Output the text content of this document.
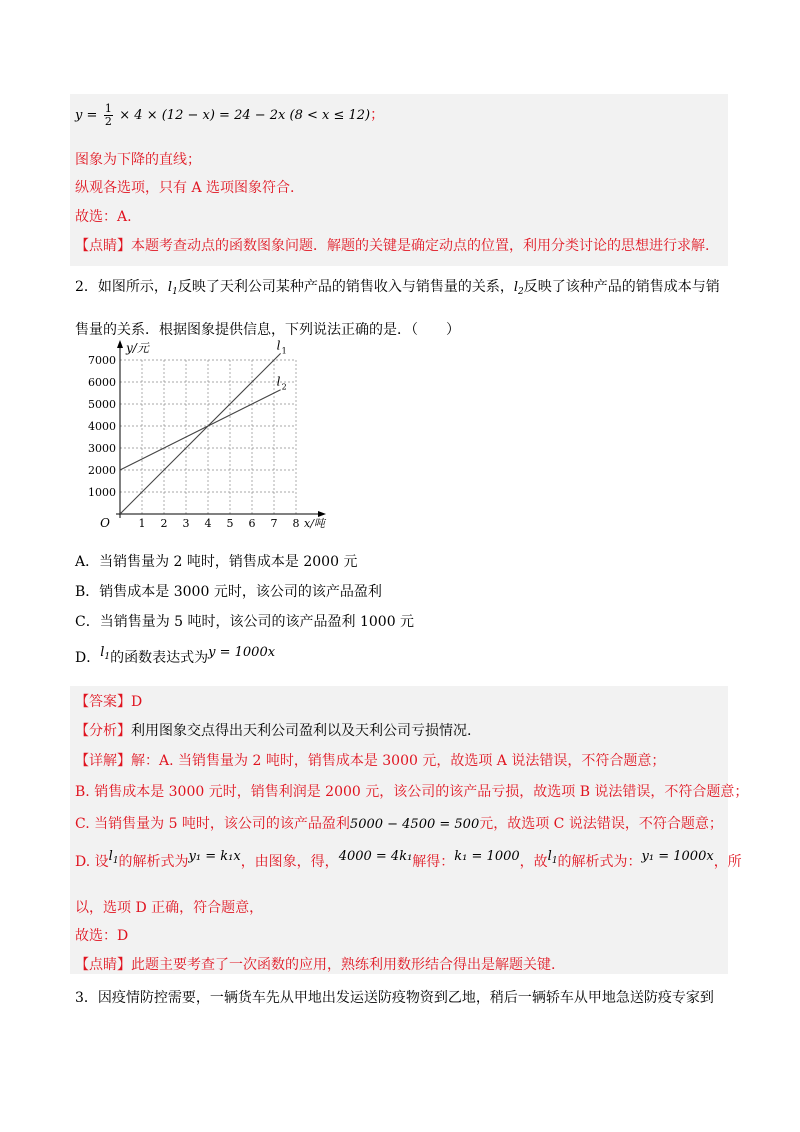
$y = \frac{1}{2} \times 4 \times (12 - x) = 24 - 2x$ (8 < x ≤ 12)；
图象为下降的直线；
纵观各选项，只有 A 选项图象符合.
故选：A.
【点睛】本题考查动点的函数图象问题．解题的关键是确定动点的位置，利用分类讨论的思想进行求解.
2．如图所示，$l_1$反映了天利公司某种产品的销售收入与销售量的关系，$l_2$反映了该种产品的销售成本与销
售量的关系．根据图象提供信息，下列说法正确的是．（　　）
1 2 3 4 5 6 7 8
1000
2000
3000
4000
5000
6000
7000
O	x/吨
y/元	l 1
l 2
A．当销售量为 2 吨时，销售成本是 2000 元
B．销售成本是 3000 元时，该公司的该产品盈利
C．当销售量为 5 吨时，该公司的该产品盈利 1000 元
D．$l^1$的函数表达式为y = 1000x
【答案】D
【分析】利用图象交点得出天利公司盈利以及天利公司亏损情况.
【详解】解：A. 当销售量为 2 吨时，销售成本是 3000 元，故选项 A 说法错误，不符合题意；
B. 销售成本是 3000 元时，销售利润是 2000 元，该公司的该产品亏损，故选项 B 说法错误，不符合题意；
C. 当销售量为 5 吨时，该公司的该产品盈利5000 − 4500 = 500元，故选项 C 说法错误，不符合题意；
D. 设$l^1$的解析式为y₁ = k₁x，由图象，得，4000 = 4k₁解得：k₁ = 1000，故$l^1$的解析式为：y₁ = 1000x，所
以，选项 D 正确，符合题意，
故选：D
【点睛】此题主要考查了一次函数的应用，熟练利用数形结合得出是解题关键.
3．因疫情防控需要，一辆货车先从甲地出发运送防疫物资到乙地，稍后一辆轿车从甲地急送防疫专家到
